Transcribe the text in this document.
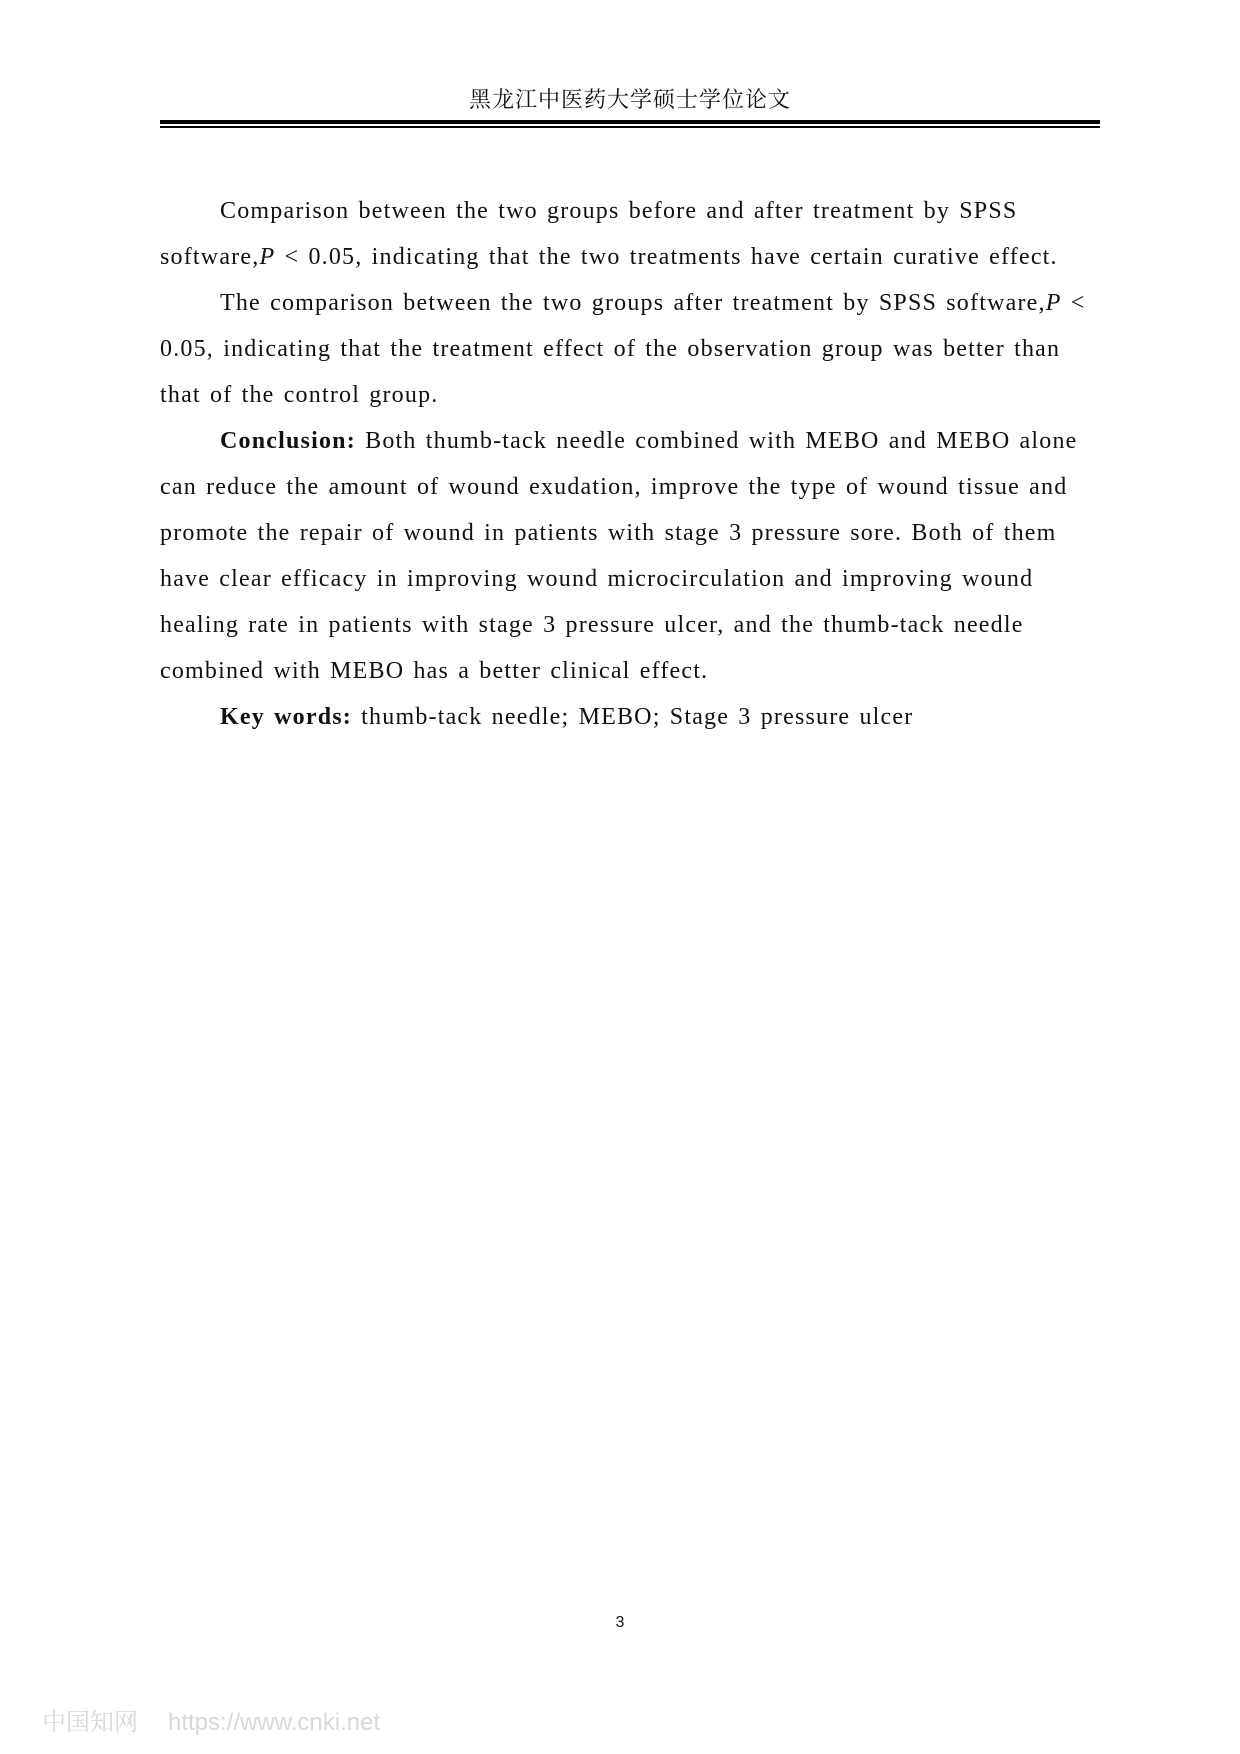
黑龙江中医药大学硕士学位论文

Comparison between the two groups before and after treatment by SPSS software,P < 0.05, indicating that the two treatments have certain curative effect.

The comparison between the two groups after treatment by SPSS software,P < 0.05, indicating that the treatment effect of the observation group was better than that of the control group.

Conclusion: Both thumb-tack needle combined with MEBO and MEBO alone can reduce the amount of wound exudation, improve the type of wound tissue and promote the repair of wound in patients with stage 3 pressure sore. Both of them have clear efficacy in improving wound microcirculation and improving wound healing rate in patients with stage 3 pressure ulcer, and the thumb-tack needle combined with MEBO has a better clinical effect.

Key words: thumb-tack needle; MEBO; Stage 3 pressure ulcer

3
中国知网 https://www.cnki.net
